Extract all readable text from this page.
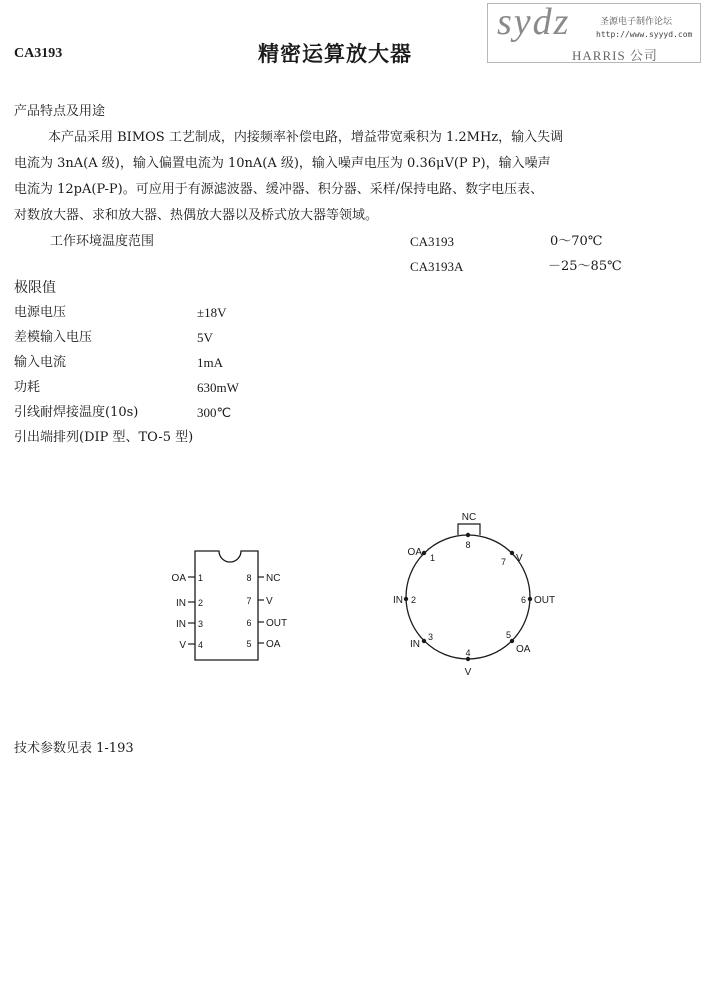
CA3193	精密运算放大器
sydz	圣源电子制作论坛
http://www.syyyd.com
HARRIS 公司
产品特点及用途
本产品采用 BIMOS 工艺制成，内接频率补偿电路，增益带宽乘积为 1.2MHz，输入失调
电流为 3nA(A 级)，输入偏置电流为 10nA(A 级)，输入噪声电压为 0.36μV(P P)，输入噪声
电流为 12pA(P-P)。可应用于有源滤波器、缓冲器、积分器、采样/保持电路、数字电压表、
对数放大器、求和放大器、热偶放大器以及桥式放大器等领域。
工作环境温度范围	CA3193	0～70℃
CA3193A	－25～85℃
极限值
电源电压	±18V
差模输入电压	5V
输入电流	1mA
功耗	630mW
引线耐焊接温度(10s)	300℃
引出端排列(DIP 型、TO-5 型)
OA 1
IN 2
IN 3
V 4	5 OA
6 OUT
7 V
8 NC
NC
8
OA 1	7 V
IN 2	6 OUT
IN
3	5
OA
4
V
技术参数见表 1-193
